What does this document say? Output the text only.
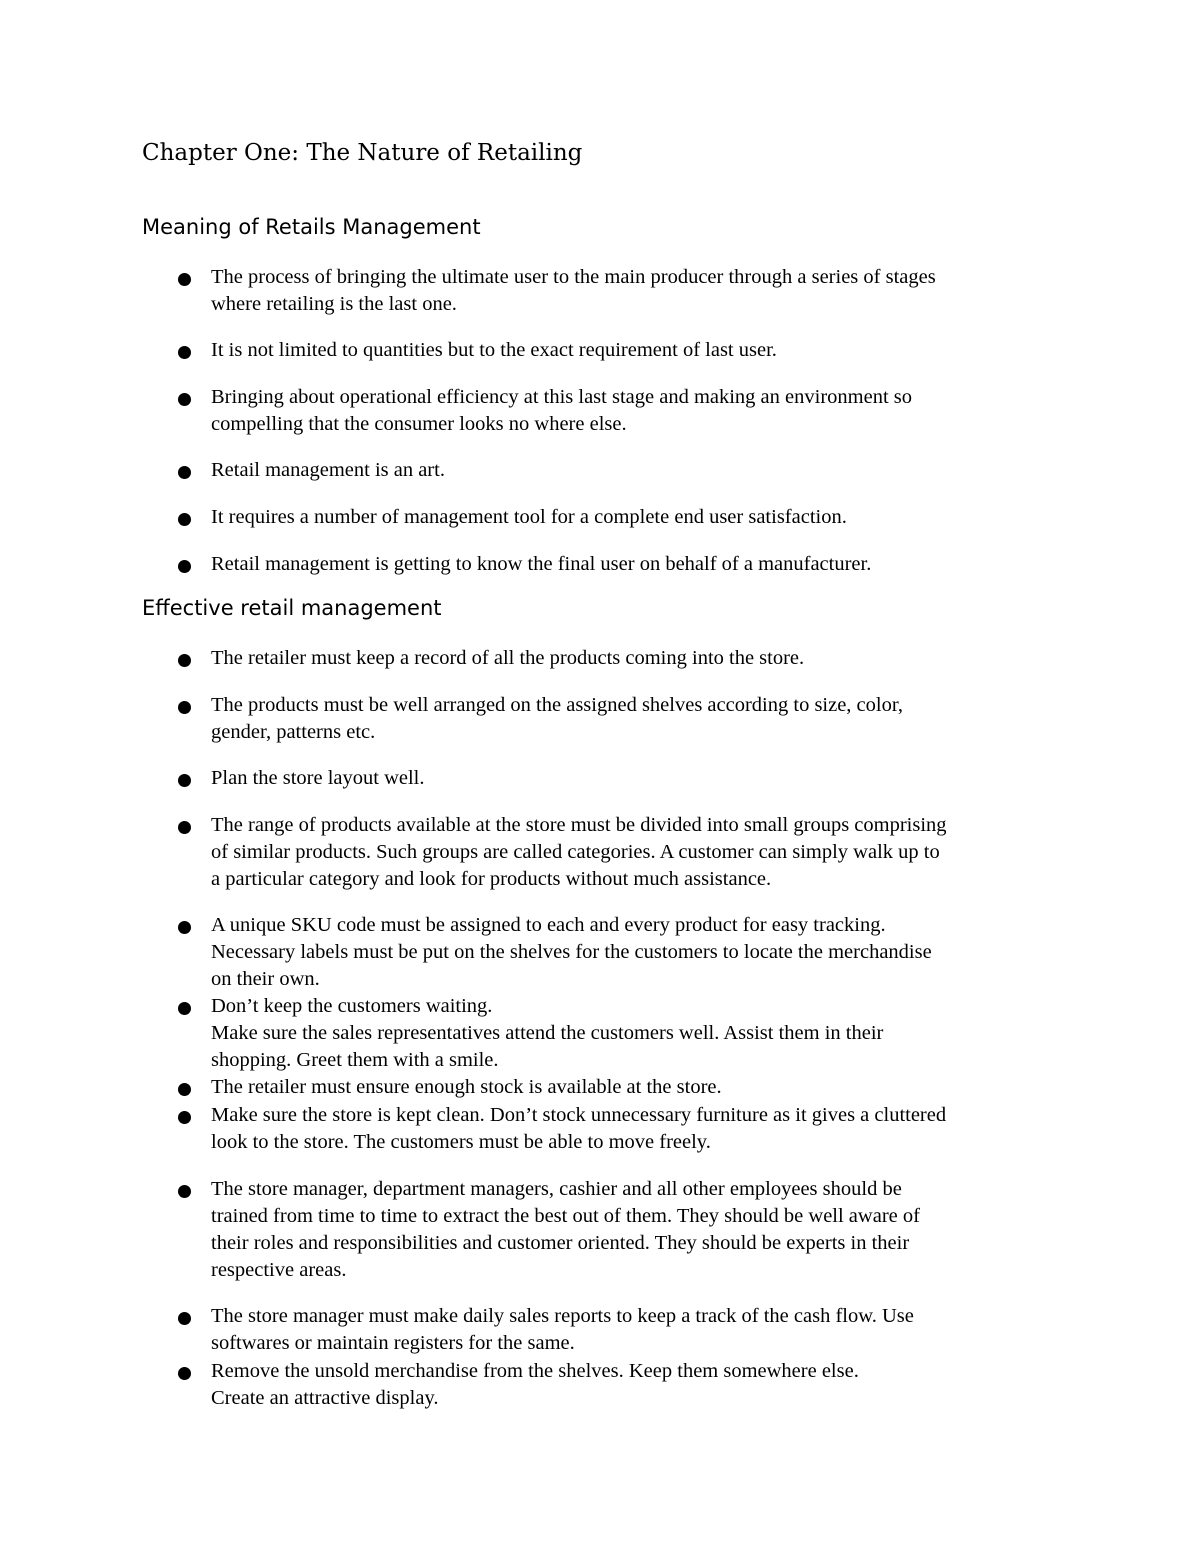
Chapter One: The Nature of Retailing
Meaning of Retails Management
The process of bringing the ultimate user to the main producer through a series of stages
where retailing is the last one.
It is not limited to quantities but to the exact requirement of last user.
Bringing about operational efficiency at this last stage and making an environment so
compelling that the consumer looks no where else.
Retail management is an art.
It requires a number of management tool for a complete end user satisfaction.
Retail management is getting to know the final user on behalf of a manufacturer.
Effective retail management
The retailer must keep a record of all the products coming into the store.
The products must be well arranged on the assigned shelves according to size, color,
gender, patterns etc.
Plan the store layout well.
The range of products available at the store must be divided into small groups comprising
of similar products. Such groups are called categories. A customer can simply walk up to
a particular category and look for products without much assistance.
A unique SKU code must be assigned to each and every product for easy tracking.
Necessary labels must be put on the shelves for the customers to locate the merchandise
on their own.
Don’t keep the customers waiting.
Make sure the sales representatives attend the customers well. Assist them in their
shopping. Greet them with a smile.
The retailer must ensure enough stock is available at the store.
Make sure the store is kept clean. Don’t stock unnecessary furniture as it gives a cluttered
look to the store. The customers must be able to move freely.
The store manager, department managers, cashier and all other employees should be
trained from time to time to extract the best out of them. They should be well aware of
their roles and responsibilities and customer oriented. They should be experts in their
respective areas.
The store manager must make daily sales reports to keep a track of the cash flow. Use
softwares or maintain registers for the same.
Remove the unsold merchandise from the shelves. Keep them somewhere else.
Create an attractive display.
